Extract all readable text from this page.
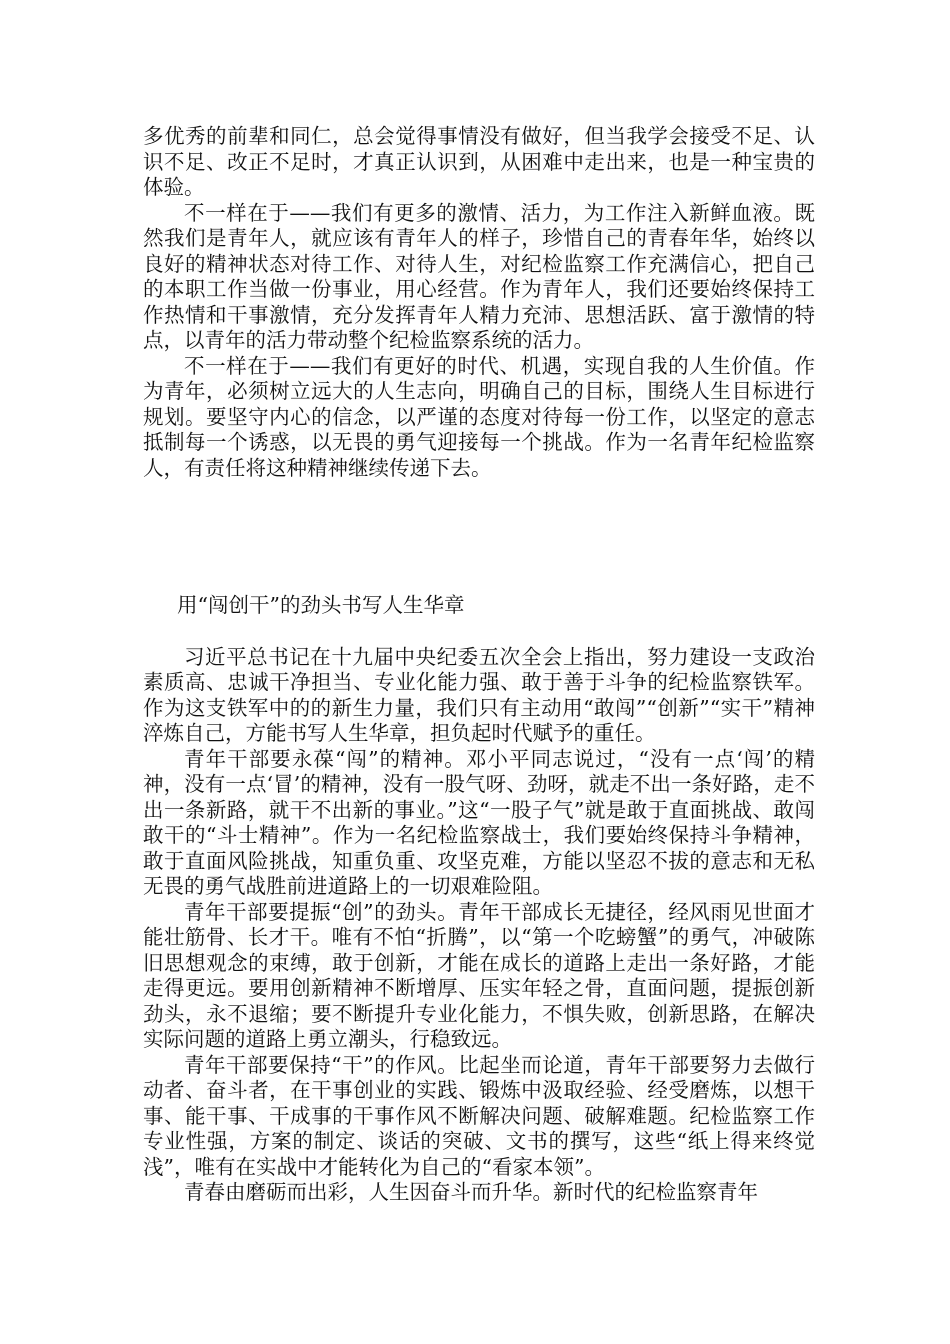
多优秀的前辈和同仁，总会觉得事情没有做好，但当我学会接受不足、认识不足、改正不足时，才真正认识到，从困难中走出来，也是一种宝贵的体验。

不一样在于——我们有更多的激情、活力，为工作注入新鲜血液。既然我们是青年人，就应该有青年人的样子，珍惜自己的青春年华，始终以良好的精神状态对待工作、对待人生，对纪检监察工作充满信心，把自己的本职工作当做一份事业，用心经营。作为青年人，我们还要始终保持工作热情和干事激情，充分发挥青年人精力充沛、思想活跃、富于激情的特点，以青年的活力带动整个纪检监察系统的活力。

不一样在于——我们有更好的时代、机遇，实现自我的人生价值。作为青年，必须树立远大的人生志向，明确自己的目标，围绕人生目标进行规划。要坚守内心的信念，以严谨的态度对待每一份工作，以坚定的意志抵制每一个诱惑，以无畏的勇气迎接每一个挑战。作为一名青年纪检监察人，有责任将这种精神继续传递下去。

用“闯创干”的劲头书写人生华章

习近平总书记在十九届中央纪委五次全会上指出，努力建设一支政治素质高、忠诚干净担当、专业化能力强、敢于善于斗争的纪检监察铁军。作为这支铁军中的的新生力量，我们只有主动用“敢闯”“创新”“实干”精神淬炼自己，方能书写人生华章，担负起时代赋予的重任。

青年干部要永葆“闯”的精神。邓小平同志说过，“没有一点‘闯’的精神，没有一点‘冒’的精神，没有一股气呀、劲呀，就走不出一条好路，走不出一条新路，就干不出新的事业。”这“一股子气”就是敢于直面挑战、敢闯敢干的“斗士精神”。作为一名纪检监察战士，我们要始终保持斗争精神，敢于直面风险挑战，知重负重、攻坚克难，方能以坚忍不拔的意志和无私无畏的勇气战胜前进道路上的一切艰难险阻。

青年干部要提振“创”的劲头。青年干部成长无捷径，经风雨见世面才能壮筋骨、长才干。唯有不怕“折腾”，以“第一个吃螃蟹”的勇气，冲破陈旧思想观念的束缚，敢于创新，才能在成长的道路上走出一条好路，才能走得更远。要用创新精神不断增厚、压实年轻之骨，直面问题，提振创新劲头，永不退缩；要不断提升专业化能力，不惧失败，创新思路，在解决实际问题的道路上勇立潮头，行稳致远。

青年干部要保持“干”的作风。比起坐而论道，青年干部要努力去做行动者、奋斗者，在干事创业的实践、锻炼中汲取经验、经受磨炼，以想干事、能干事、干成事的干事作风不断解决问题、破解难题。纪检监察工作专业性强，方案的制定、谈话的突破、文书的撰写，这些“纸上得来终觉浅”，唯有在实战中才能转化为自己的“看家本领”。

青春由磨砺而出彩，人生因奋斗而升华。新时代的纪检监察青年
